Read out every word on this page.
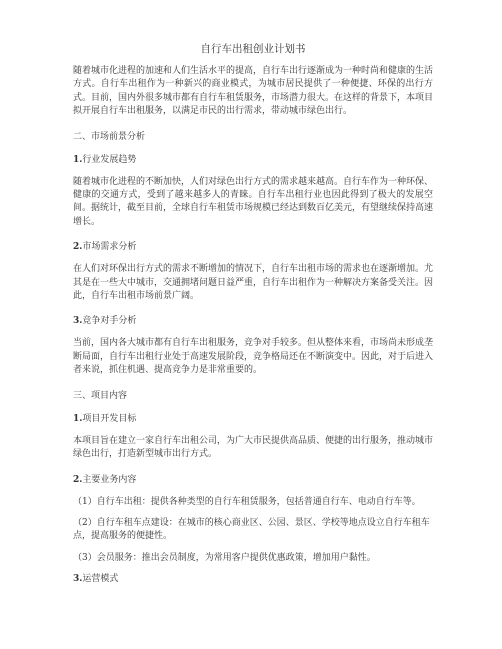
自行车出租创业计划书

随着城市化进程的加速和人们生活水平的提高，自行车出行逐渐成为一种时尚和健康的生活方式。自行车出租作为一种新兴的商业模式，为城市居民提供了一种便捷、环保的出行方式。目前，国内外很多城市都有自行车租赁服务，市场潜力很大。在这样的背景下，本项目拟开展自行车出租服务，以满足市民的出行需求，带动城市绿色出行。

二、市场前景分析

1.行业发展趋势

随着城市化进程的不断加快，人们对绿色出行方式的需求越来越高。自行车作为一种环保、健康的交通方式，受到了越来越多人的青睐。自行车出租行业也因此得到了极大的发展空间。据统计，截至目前，全球自行车租赁市场规模已经达到数百亿美元，有望继续保持高速增长。

2.市场需求分析

在人们对环保出行方式的需求不断增加的情况下，自行车出租市场的需求也在逐渐增加。尤其是在一些大中城市，交通拥堵问题日益严重，自行车出租作为一种解决方案备受关注。因此，自行车出租市场前景广阔。

3.竞争对手分析

当前，国内各大城市都有自行车出租服务，竞争对手较多。但从整体来看，市场尚未形成垄断局面，自行车出租行业处于高速发展阶段，竞争格局还在不断演变中。因此，对于后进入者来说，抓住机遇、提高竞争力是非常重要的。

三、项目内容

1.项目开发目标

本项目旨在建立一家自行车出租公司，为广大市民提供高品质、便捷的出行服务，推动城市绿色出行，打造新型城市出行方式。

2.主要业务内容

（1）自行车出租：提供各种类型的自行车租赁服务，包括普通自行车、电动自行车等。

（2）自行车租车点建设：在城市的核心商业区、公园、景区、学校等地点设立自行车租车点，提高服务的便捷性。

（3）会员服务：推出会员制度，为常用客户提供优惠政策，增加用户黏性。

3.运营模式
